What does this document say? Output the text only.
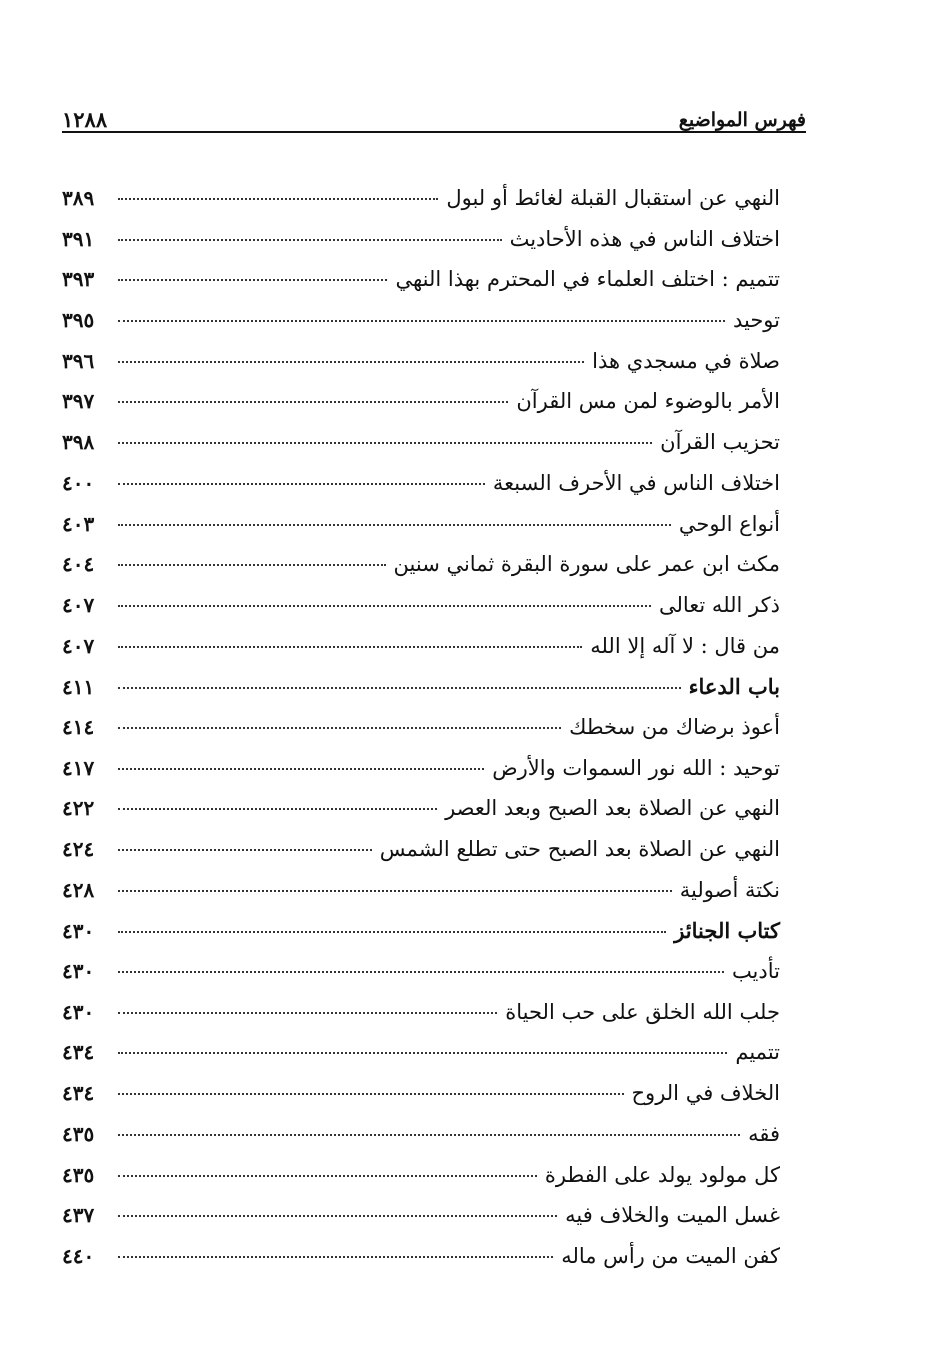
فهرس المواضيع
١٢٨٨
النهي عن استقبال القبلة لغائط أو لبول
٣٨٩
اختلاف الناس في هذه الأحاديث
٣٩١
تتميم : اختلف العلماء في المحترم بهذا النهي
٣٩٣
توحيد
٣٩٥
صلاة في مسجدي هذا
٣٩٦
الأمر بالوضوء لمن مس القرآن
٣٩٧
تحزيب القرآن
٣٩٨
اختلاف الناس في الأحرف السبعة
٤٠٠
أنواع الوحي
٤٠٣
مكث ابن عمر على سورة البقرة ثماني سنين
٤٠٤
ذكر الله تعالى
٤٠٧
من قال : لا آله إلا الله
٤٠٧
باب الدعاء
٤١١
أعوذ برضاك من سخطك
٤١٤
توحيد : الله نور السموات والأرض
٤١٧
النهي عن الصلاة بعد الصبح وبعد العصر
٤٢٢
النهي عن الصلاة بعد الصبح حتى تطلع الشمس
٤٢٤
نكتة أصولية
٤٢٨
كتاب الجنائز
٤٣٠
تأديب
٤٣٠
جلب الله الخلق على حب الحياة
٤٣٠
تتميم
٤٣٤
الخلاف في الروح
٤٣٤
فقه
٤٣٥
كل مولود يولد على الفطرة
٤٣٥
غسل الميت والخلاف فيه
٤٣٧
كفن الميت من رأس ماله
٤٤٠
